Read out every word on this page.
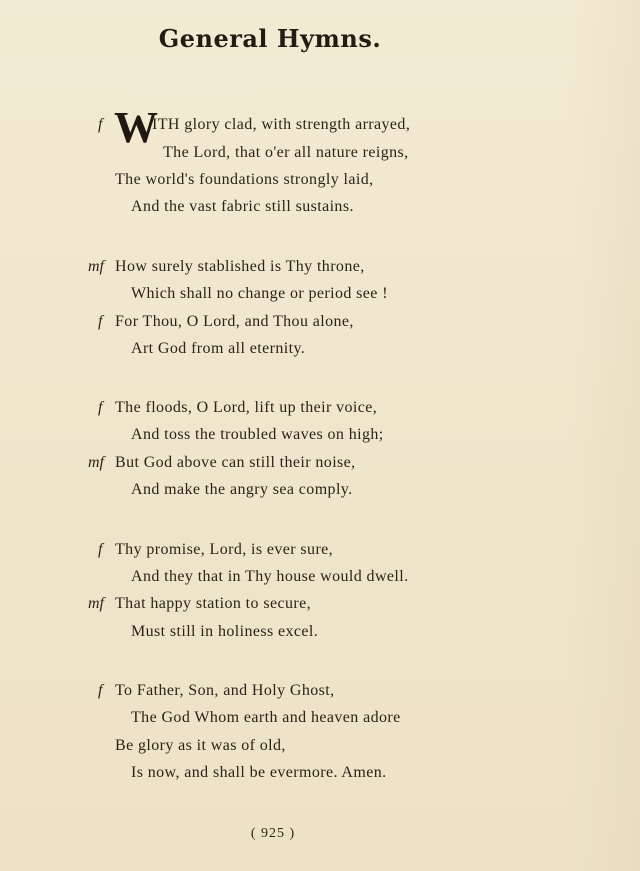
General Hymns.
f W
ITH glory clad, with strength arrayed,
The Lord, that o'er all nature reigns,
The world's foundations strongly laid,
And the vast fabric still sustains.
mf How surely stablished is Thy throne,
Which shall no change or period see !
f For Thou, O Lord, and Thou alone,
Art God from all eternity.
f The floods, O Lord, lift up their voice,
And toss the troubled waves on high;
mf But God above can still their noise,
And make the angry sea comply.
f Thy promise, Lord, is ever sure,
And they that in Thy house would dwell.
mf That happy station to secure,
Must still in holiness excel.
f To Father, Son, and Holy Ghost,
The God Whom earth and heaven adore
Be glory as it was of old,
Is now, and shall be evermore. Amen.
( 925 )
